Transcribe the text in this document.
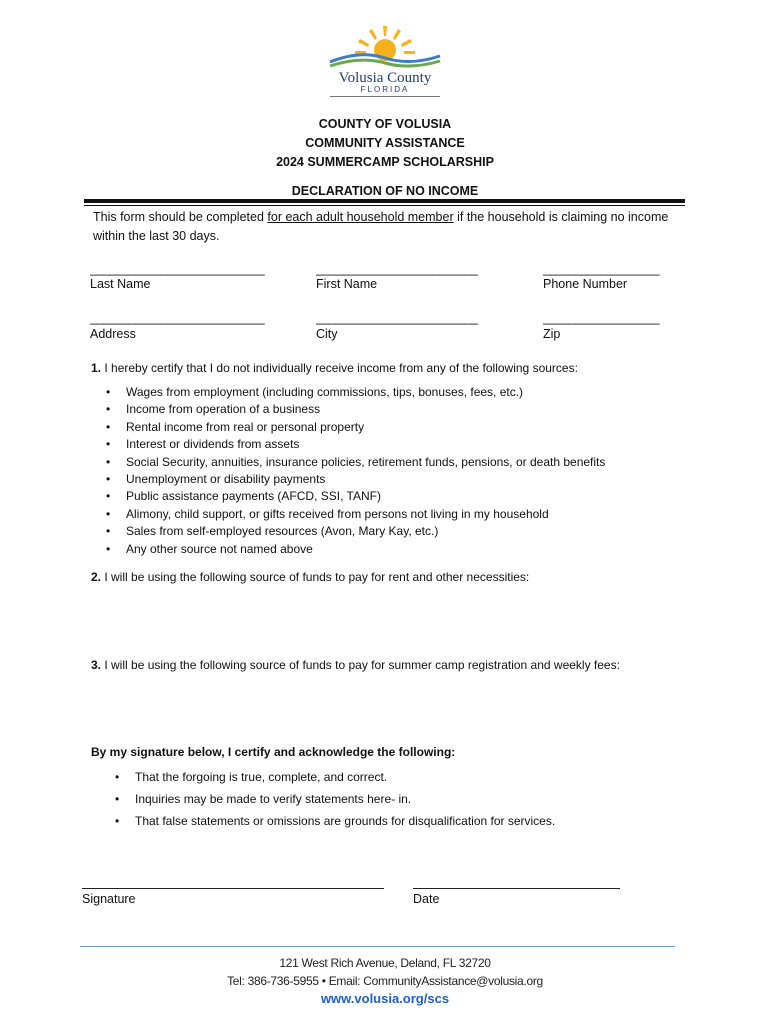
Volusia County
FLORIDA
COUNTY OF VOLUSIA
COMMUNITY ASSISTANCE
2024 SUMMERCAMP SCHOLARSHIP
DECLARATION OF NO INCOME
This form should be completed for each adult household member if the household is claiming no income within the last 30 days.
___________________________
Last Name
_________________________
First Name
__________________
Phone Number
___________________________
Address
_________________________
City
__________________
Zip
1. I hereby certify that I do not individually receive income from any of the following sources:
• Wages from employment (including commissions, tips, bonuses, fees, etc.)
• Income from operation of a business
• Rental income from real or personal property
• Interest or dividends from assets
• Social Security, annuities, insurance policies, retirement funds, pensions, or death benefits
• Unemployment or disability payments
• Public assistance payments (AFCD, SSI, TANF)
• Alimony, child support, or gifts received from persons not living in my household
• Sales from self-employed resources (Avon, Mary Kay, etc.)
• Any other source not named above
2. I will be using the following source of funds to pay for rent and other necessities:
3. I will be using the following source of funds to pay for summer camp registration and weekly fees:
By my signature below, I certify and acknowledge the following:
• That the forgoing is true, complete, and correct.
• Inquiries may be made to verify statements here- in.
• That false statements or omissions are grounds for disqualification for services.
Signature	Date
121 West Rich Avenue, Deland, FL 32720
Tel: 386-736-5955 • Email: CommunityAssistance@volusia.org
www.volusia.org/scs
